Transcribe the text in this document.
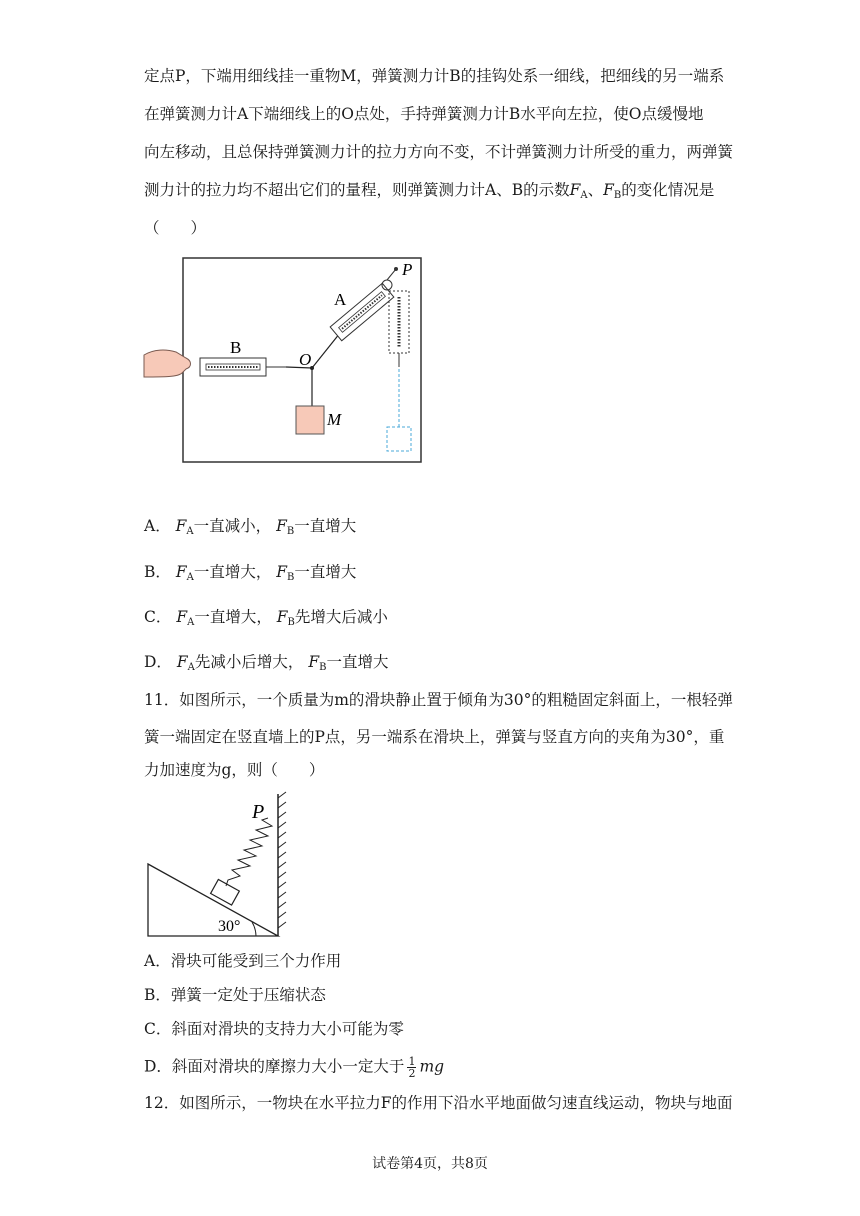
定点P，下端用细线挂一重物M，弹簧测力计B的挂钩处系一细线，把细线的另一端系
在弹簧测力计A下端细线上的O点处，手持弹簧测力计B水平向左拉，使O点缓慢地
向左移动，且总保持弹簧测力计的拉力方向不变，不计弹簧测力计所受的重力，两弹簧
测力计的拉力均不超出它们的量程，则弹簧测力计A、B的示数$F_A$、$F_B$的变化情况是
（　　）
P
A
B
O
M
A． $F_A$一直减小， $F_B$一直增大
B． $F_A$一直增大， $F_B$一直增大
C． $F_A$一直增大， $F_B$先增大后减小
D． $F_A$先减小后增大， $F_B$一直增大
11．如图所示，一个质量为m的滑块静止置于倾角为30°的粗糙固定斜面上，一根轻弹
簧一端固定在竖直墙上的P点，另一端系在滑块上，弹簧与竖直方向的夹角为30°，重
力加速度为g，则（　　）
P
30°
A．滑块可能受到三个力作用
B．弹簧一定处于压缩状态
C．斜面对滑块的支持力大小可能为零
D．斜面对滑块的摩擦力大小一定大于 $\frac{1}{2}$ mg
12．如图所示，一物块在水平拉力F的作用下沿水平地面做匀速直线运动，物块与地面
试卷第4页，共8页
